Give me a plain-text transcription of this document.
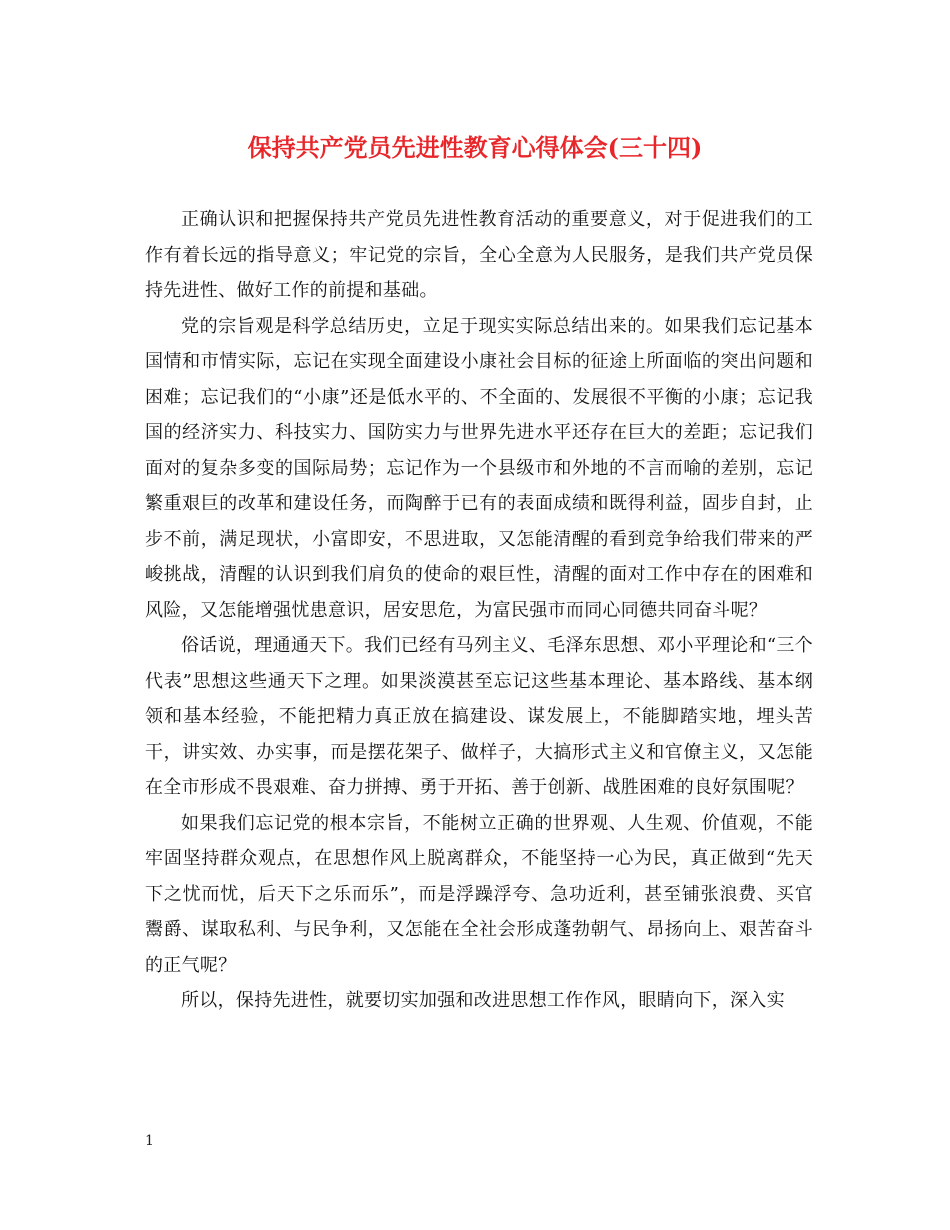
保持共产党员先进性教育心得体会(三十四)

正确认识和把握保持共产党员先进性教育活动的重要意义，对于促进我们的工作有着长远的指导意义；牢记党的宗旨，全心全意为人民服务，是我们共产党员保持先进性、做好工作的前提和基础。

党的宗旨观是科学总结历史，立足于现实实际总结出来的。如果我们忘记基本国情和市情实际，忘记在实现全面建设小康社会目标的征途上所面临的突出问题和困难；忘记我们的“小康”还是低水平的、不全面的、发展很不平衡的小康；忘记我国的经济实力、科技实力、国防实力与世界先进水平还存在巨大的差距；忘记我们面对的复杂多变的国际局势；忘记作为一个县级市和外地的不言而喻的差别，忘记繁重艰巨的改革和建设任务，而陶醉于已有的表面成绩和既得利益，固步自封，止步不前，满足现状，小富即安，不思进取，又怎能清醒的看到竞争给我们带来的严峻挑战，清醒的认识到我们肩负的使命的艰巨性，清醒的面对工作中存在的困难和风险，又怎能增强忧患意识，居安思危，为富民强市而同心同德共同奋斗呢？

俗话说，理通通天下。我们已经有马列主义、毛泽东思想、邓小平理论和“三个代表”思想这些通天下之理。如果淡漠甚至忘记这些基本理论、基本路线、基本纲领和基本经验，不能把精力真正放在搞建设、谋发展上，不能脚踏实地，埋头苦干，讲实效、办实事，而是摆花架子、做样子，大搞形式主义和官僚主义，又怎能在全市形成不畏艰难、奋力拼搏、勇于开拓、善于创新、战胜困难的良好氛围呢？

如果我们忘记党的根本宗旨，不能树立正确的世界观、人生观、价值观，不能牢固坚持群众观点，在思想作风上脱离群众，不能坚持一心为民，真正做到“先天下之忧而忧，后天下之乐而乐”，而是浮躁浮夸、急功近利，甚至铺张浪费、买官鬻爵、谋取私利、与民争利，又怎能在全社会形成蓬勃朝气、昂扬向上、艰苦奋斗的正气呢？

所以，保持先进性，就要切实加强和改进思想工作作风，眼睛向下，深入实

1
